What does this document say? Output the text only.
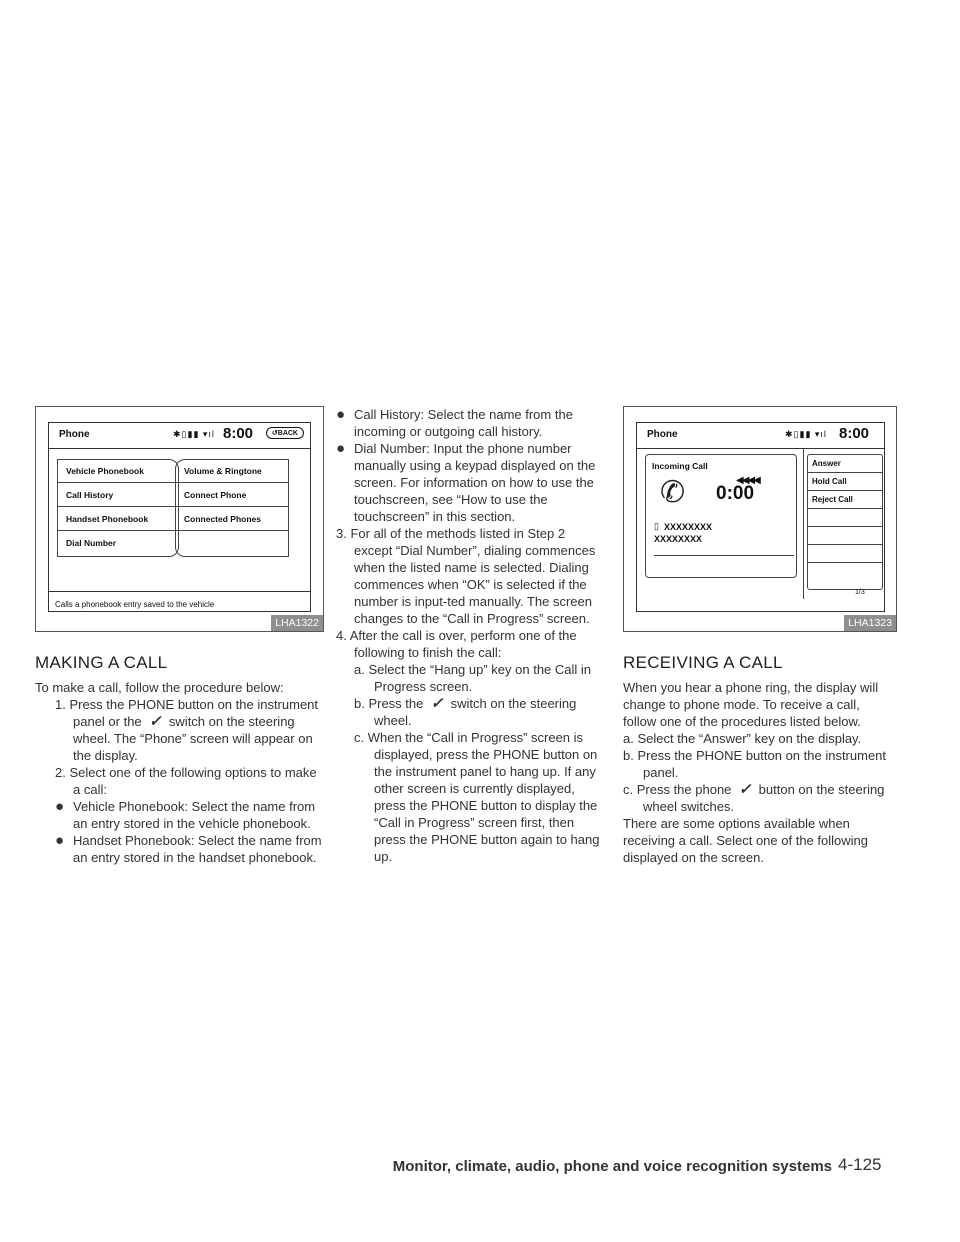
Phone	✱▯▮▮ ▾ıl 8:00	↺BACK
Vehicle Phonebook
Call History
Handset Phonebook
Dial Number
Volume & Ringtone
Connect Phone
Connected Phones
Calls a phonebook entry saved to the vehicle
LHA1322
Phone	✱▯▮▮ ▾ıl 8:00
Incoming Call
✆	◀◀◀◀
0:00
▯ XXXXXXXX
XXXXXXXX
Answer
Hold Call
Reject Call
1/3
LHA1323
MAKING A CALL

To make a call, follow the procedure below:

1. Press the PHONE button on the instrument panel or the ✓ switch on the steering wheel. The “Phone” screen will appear on the display.

2. Select one of the following options to make a call:

● Vehicle Phonebook: Select the name from an entry stored in the vehicle phonebook.

● Handset Phonebook: Select the name from an entry stored in the handset phonebook.

● Call History: Select the name from the incoming or outgoing call history.

● Dial Number: Input the phone number manually using a keypad displayed on the screen. For information on how to use the touchscreen, see “How to use the touchscreen” in this section.

3. For all of the methods listed in Step 2 except “Dial Number”, dialing commences when the listed name is selected. Dialing commences when “OK” is selected if the number is input-ted manually. The screen changes to the “Call in Progress” screen.

4. After the call is over, perform one of the following to finish the call:

a. Select the “Hang up” key on the Call in Progress screen.

b. Press the ✓ switch on the steering wheel.

c. When the “Call in Progress” screen is displayed, press the PHONE button on the instrument panel to hang up. If any other screen is currently displayed, press the PHONE button to display the “Call in Progress” screen first, then press the PHONE button again to hang up.

RECEIVING A CALL

When you hear a phone ring, the display will change to phone mode. To receive a call, follow one of the procedures listed below.

a. Select the “Answer” key on the display.

b. Press the PHONE button on the instrument panel.

c. Press the phone ✓ button on the steering wheel switches.

There are some options available when receiving a call. Select one of the following displayed on the screen.

Monitor, climate, audio, phone and voice recognition systems 4-125
